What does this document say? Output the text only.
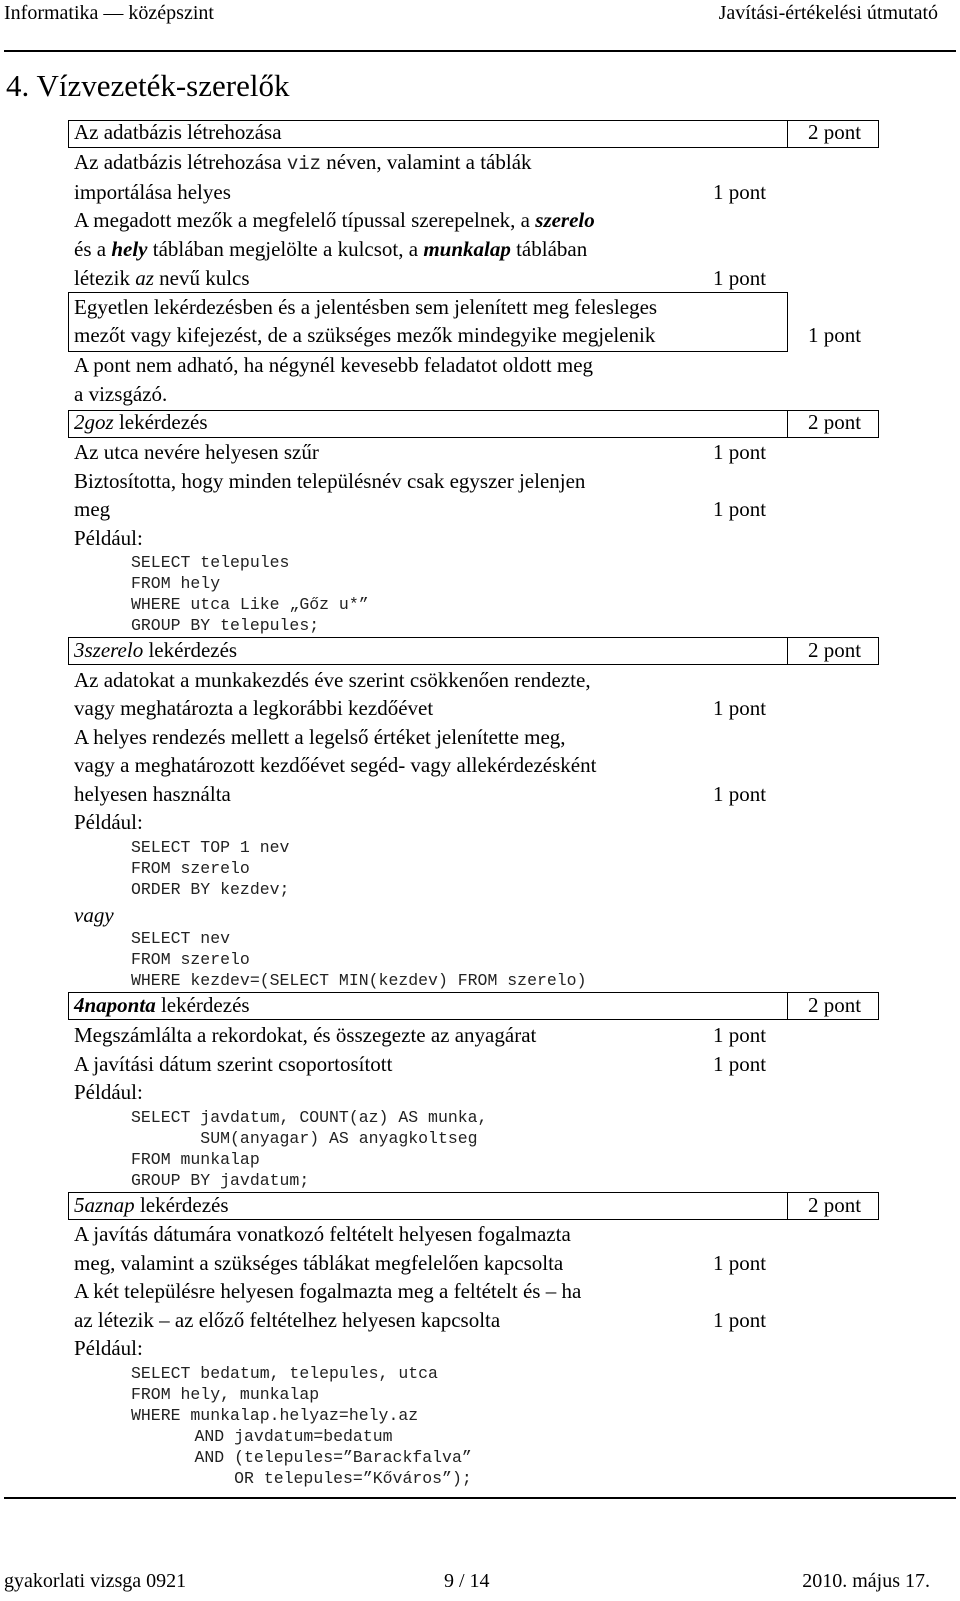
Informatika — középszint	Javítási-értékelési útmutató
4. Vízvezeték-szerelők
Az adatbázis létrehozása	2 pont
Az adatbázis létrehozása viz néven, valamint a táblák
importálása helyes	1 pont
A megadott mezők a megfelelő típussal szerepelnek, a szerelo
és a hely táblában megjelölte a kulcsot, a munkalap táblában
létezik az nevű kulcs	1 pont
Egyetlen lekérdezésben és a jelentésben sem jelenített meg felesleges
mezőt vagy kifejezést, de a szükséges mezők mindegyike megjelenik	1 pont
A pont nem adható, ha négynél kevesebb feladatot oldott meg
a vizsgázó.
2goz lekérdezés	2 pont
Az utca nevére helyesen szűr	1 pont
Biztosította, hogy minden településnév csak egyszer jelenjen
meg	1 pont
Például:
SELECT telepules
FROM hely
WHERE utca Like „Gőz u*”
GROUP BY telepules;
3szerelo lekérdezés	2 pont
Az adatokat a munkakezdés éve szerint csökkenően rendezte,
vagy meghatározta a legkorábbi kezdőévet	1 pont
A helyes rendezés mellett a legelső értéket jelenítette meg,
vagy a meghatározott kezdőévet segéd- vagy allekérdezésként
helyesen használta	1 pont
Például:
SELECT TOP 1 nev
FROM szerelo
ORDER BY kezdev;
vagy
SELECT nev
FROM szerelo
WHERE kezdev=(SELECT MIN(kezdev) FROM szerelo)
4naponta lekérdezés	2 pont
Megszámlálta a rekordokat, és összegezte az anyagárat	1 pont
A javítási dátum szerint csoportosított	1 pont
Például:
SELECT javdatum, COUNT(az) AS munka,
SUM(anyagar) AS anyagkoltseg
FROM munkalap
GROUP BY javdatum;
5aznap lekérdezés	2 pont
A javítás dátumára vonatkozó feltételt helyesen fogalmazta
meg, valamint a szükséges táblákat megfelelően kapcsolta	1 pont
A két településre helyesen fogalmazta meg a feltételt és – ha
az létezik – az előző feltételhez helyesen kapcsolta	1 pont
Például:
SELECT bedatum, telepules, utca
FROM hely, munkalap
WHERE munkalap.helyaz=hely.az
AND javdatum=bedatum
AND (telepules=”Barackfalva”
OR telepules=”Kőváros”);
gyakorlati vizsga 0921	9 / 14	2010. május 17.
